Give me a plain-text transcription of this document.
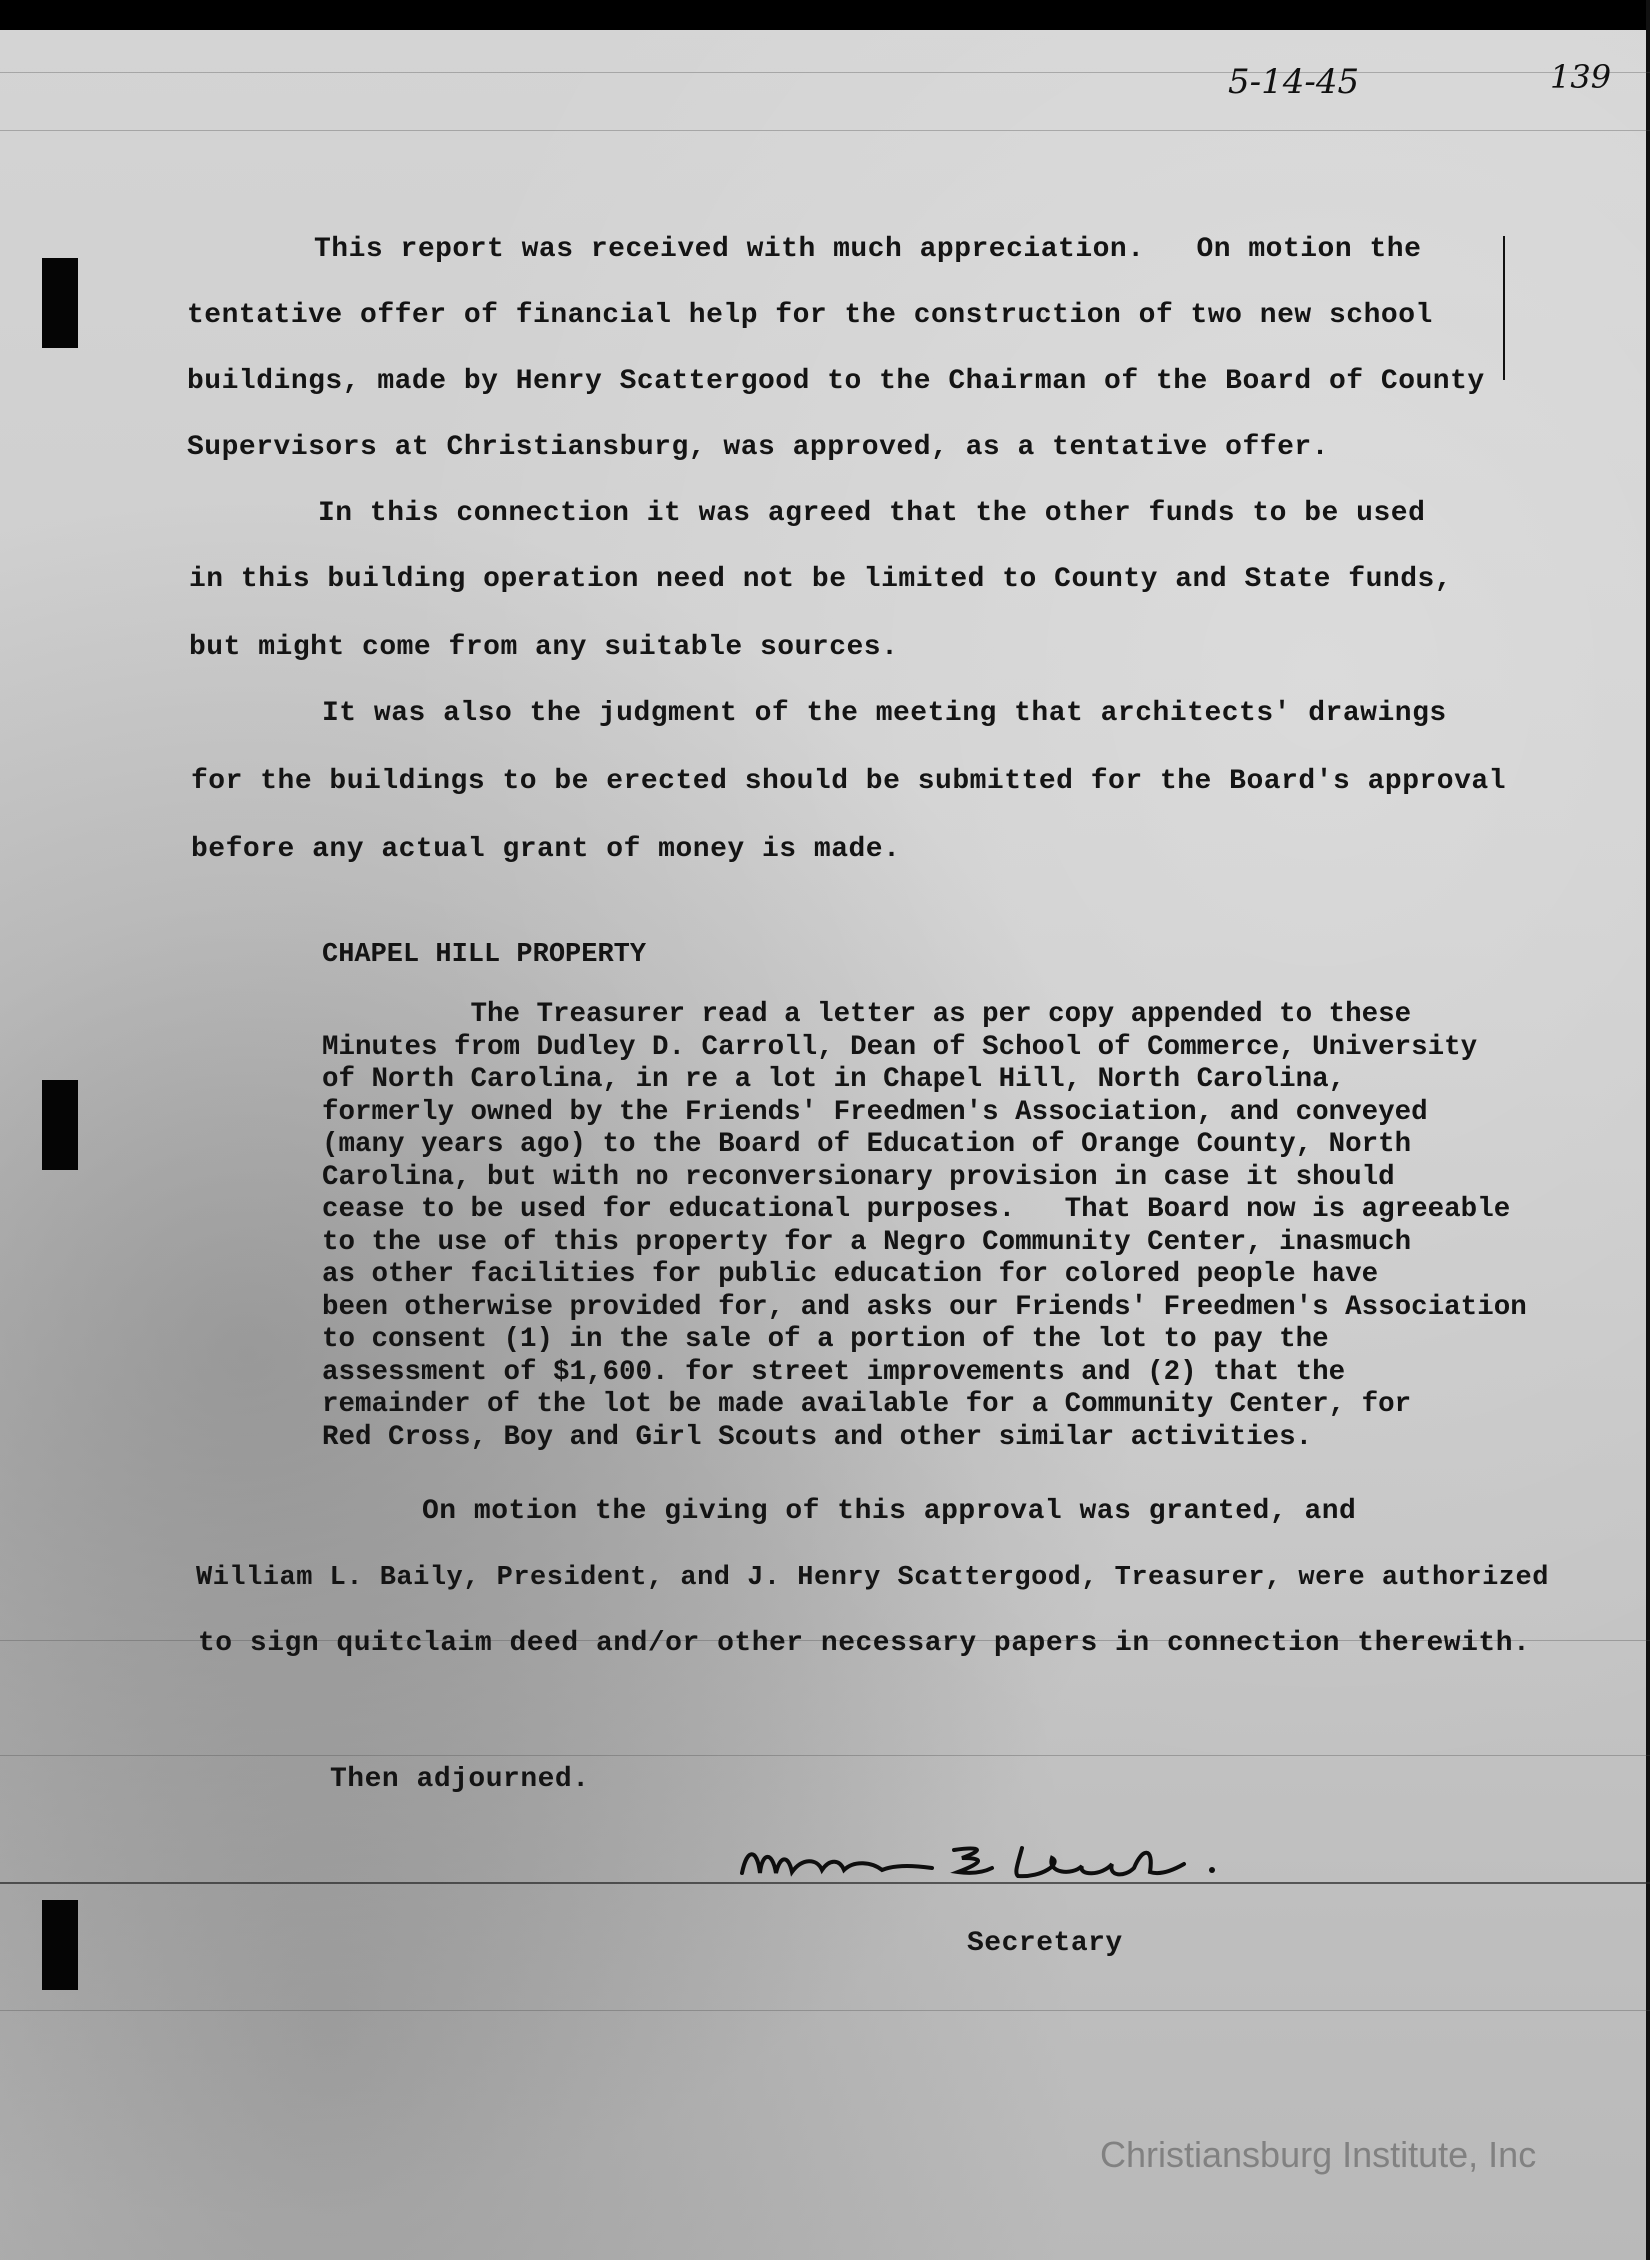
5-14-45	139
This report was received with much appreciation.   On motion the
tentative offer of financial help for the construction of two new school
buildings, made by Henry Scattergood to the Chairman of the Board of County
Supervisors at Christiansburg, was approved, as a tentative offer.
In this connection it was agreed that the other funds to be used
in this building operation need not be limited to County and State funds,
but might come from any suitable sources.
It was also the judgment of the meeting that architects' drawings
for the buildings to be erected should be submitted for the Board's approval
before any actual grant of money is made.
CHAPEL HILL PROPERTY
The Treasurer read a letter as per copy appended to these
Minutes from Dudley D. Carroll, Dean of School of Commerce, University
of North Carolina, in re a lot in Chapel Hill, North Carolina,
formerly owned by the Friends' Freedmen's Association, and conveyed
(many years ago) to the Board of Education of Orange County, North
Carolina, but with no reconversionary provision in case it should
cease to be used for educational purposes.   That Board now is agreeable
to the use of this property for a Negro Community Center, inasmuch
as other facilities for public education for colored people have
been otherwise provided for, and asks our Friends' Freedmen's Association
to consent (1) in the sale of a portion of the lot to pay the
assessment of $1,600. for street improvements and (2) that the
remainder of the lot be made available for a Community Center, for
Red Cross, Boy and Girl Scouts and other similar activities.
On motion the giving of this approval was granted, and
William L. Baily, President, and J. Henry Scattergood, Treasurer, were authorized
to sign quitclaim deed and/or other necessary papers in connection therewith.
Then adjourned.
Secretary
Christiansburg Institute, Inc
